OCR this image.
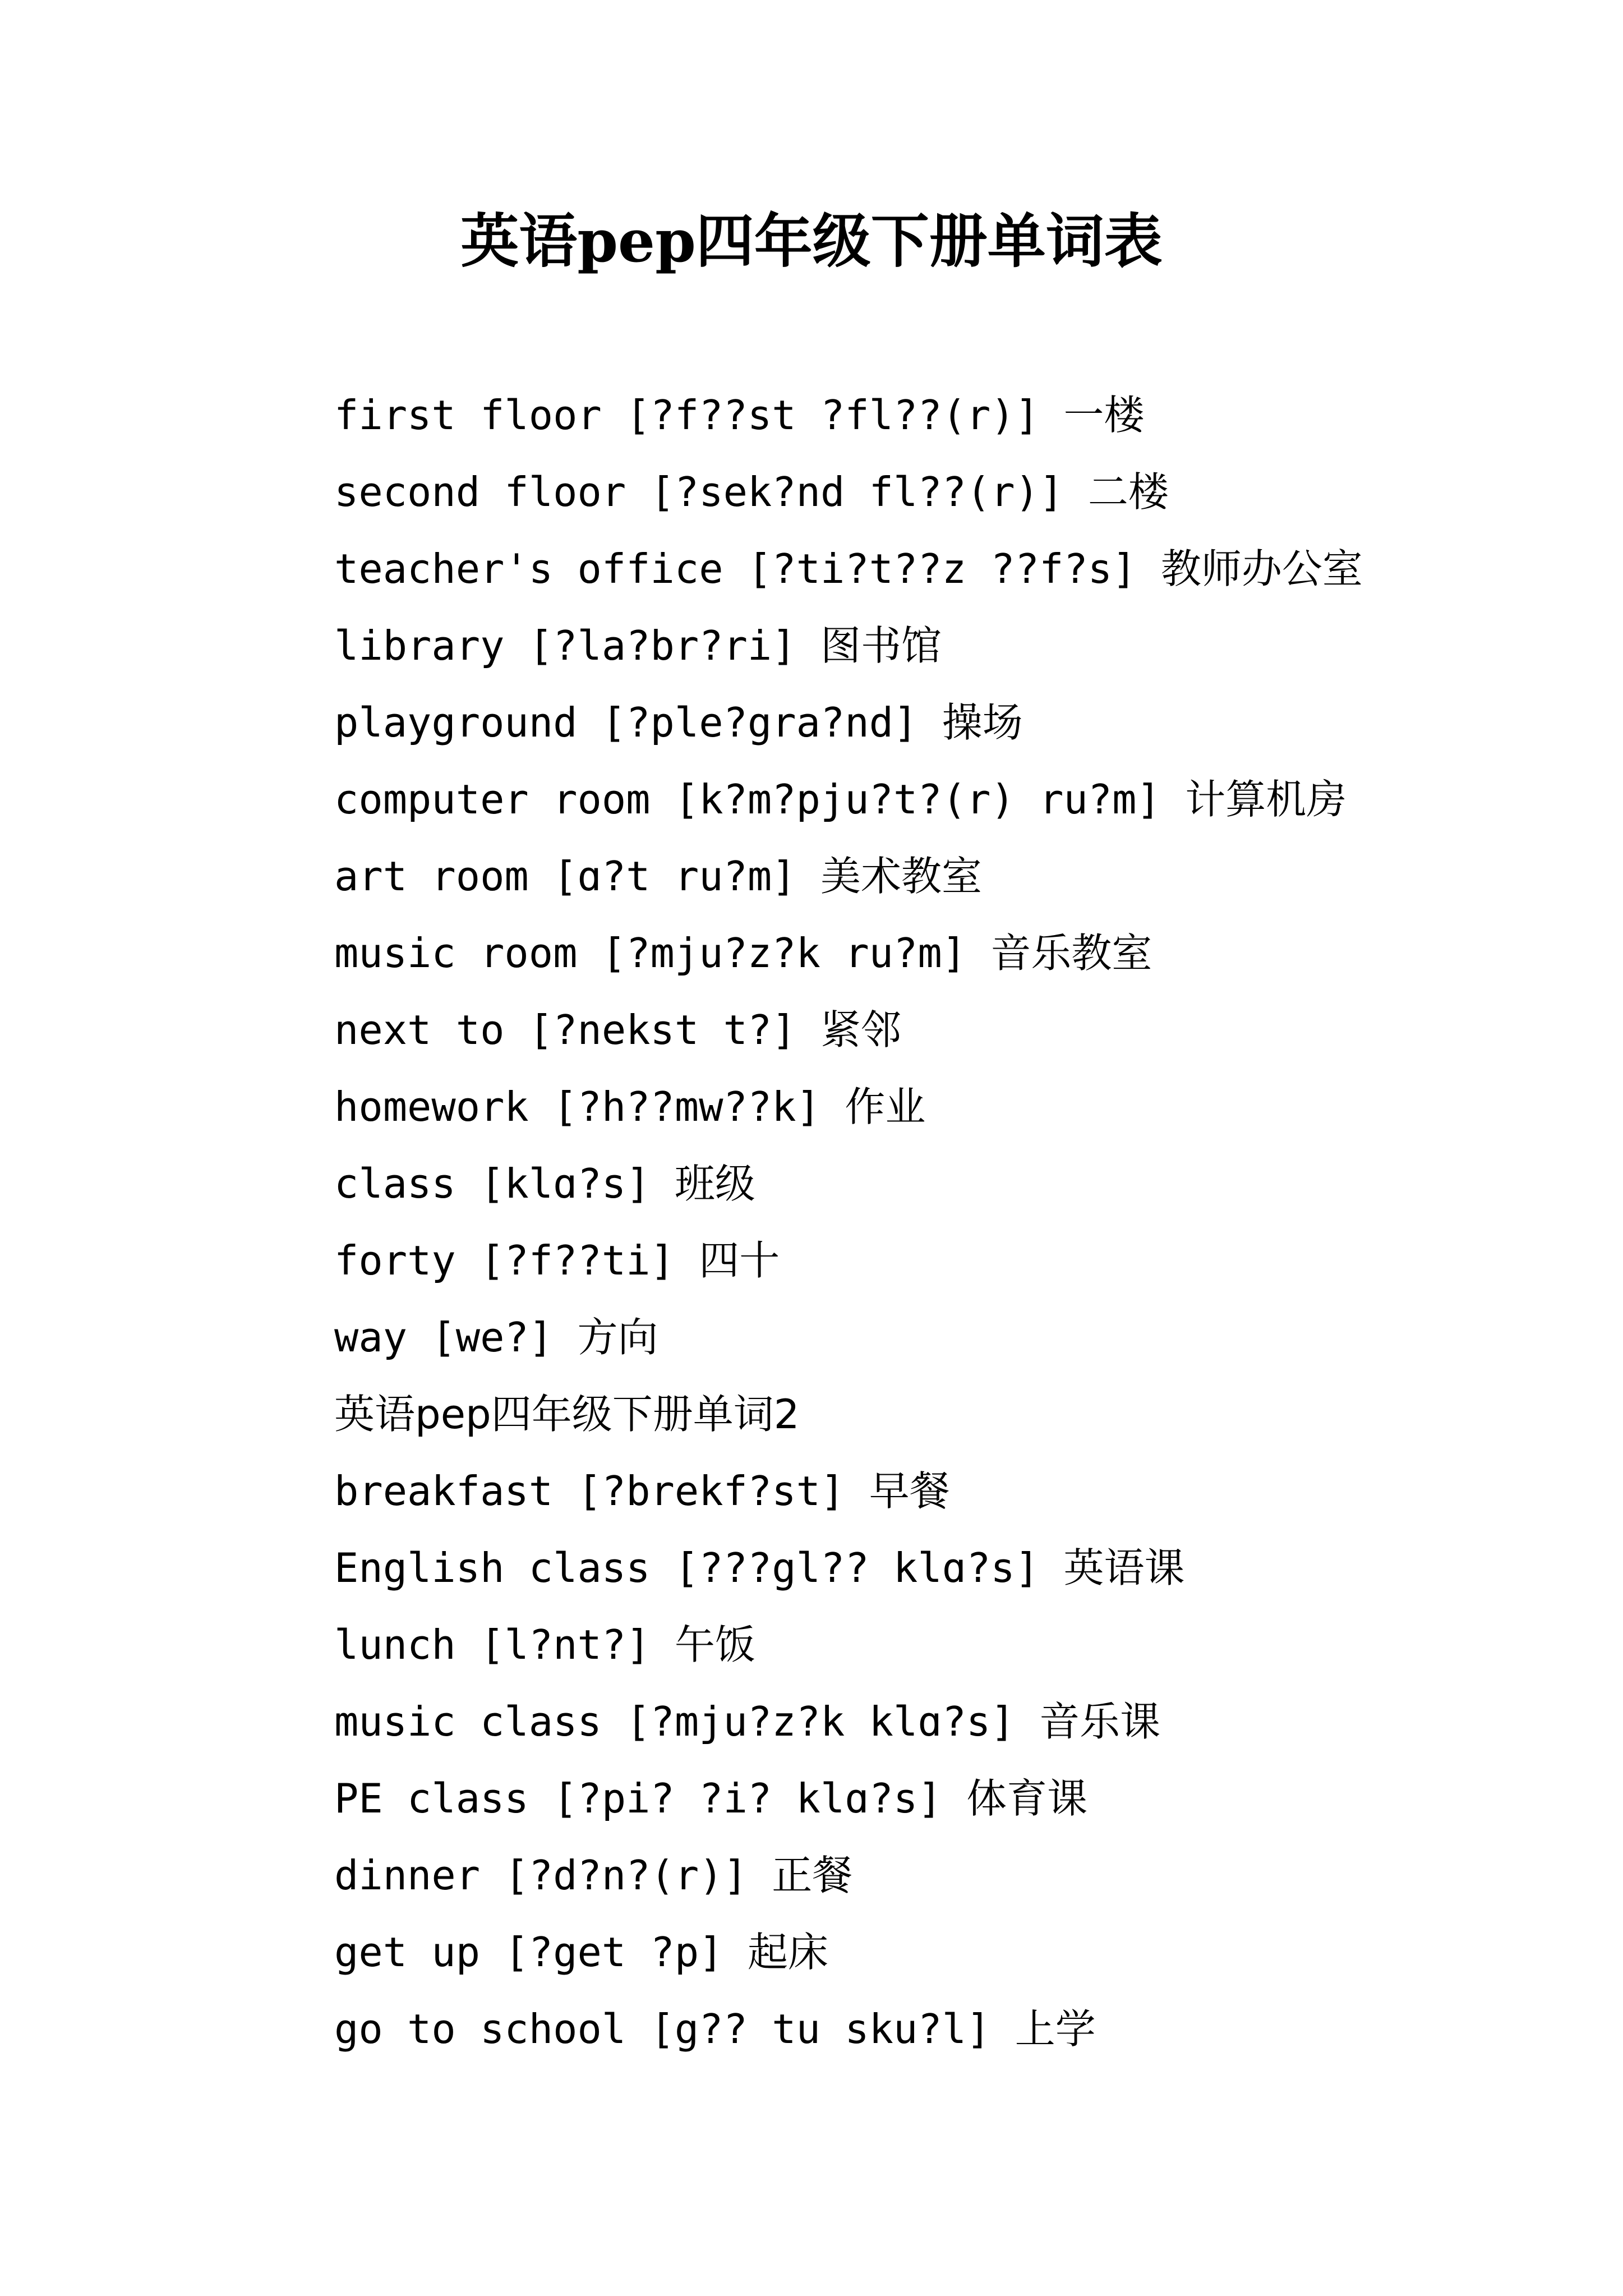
英语pep四年级下册单词表
first floor [?f??st ?fl??(r)] 一楼
second floor [?sek?nd fl??(r)] 二楼
teacher's office [?ti?t??z ??f?s] 教师办公室
library [?la?br?ri] 图书馆
playground [?ple?gra?nd] 操场
computer room [k?m?pju?t?(r) ru?m] 计算机房
art room [ɑ?t ru?m] 美术教室
music room [?mju?z?k ru?m] 音乐教室
next to [?nekst t?] 紧邻
homework [?h??mw??k] 作业
class [klɑ?s] 班级
forty [?f??ti] 四十
way [we?] 方向
英语pep四年级下册单词2
breakfast [?brekf?st] 早餐
English class [???gl?? klɑ?s] 英语课
lunch [l?nt?] 午饭
music class [?mju?z?k klɑ?s] 音乐课
PE class [?pi? ?i? klɑ?s] 体育课
dinner [?d?n?(r)] 正餐
get up [?get ?p] 起床
go to school [g?? tu sku?l] 上学
